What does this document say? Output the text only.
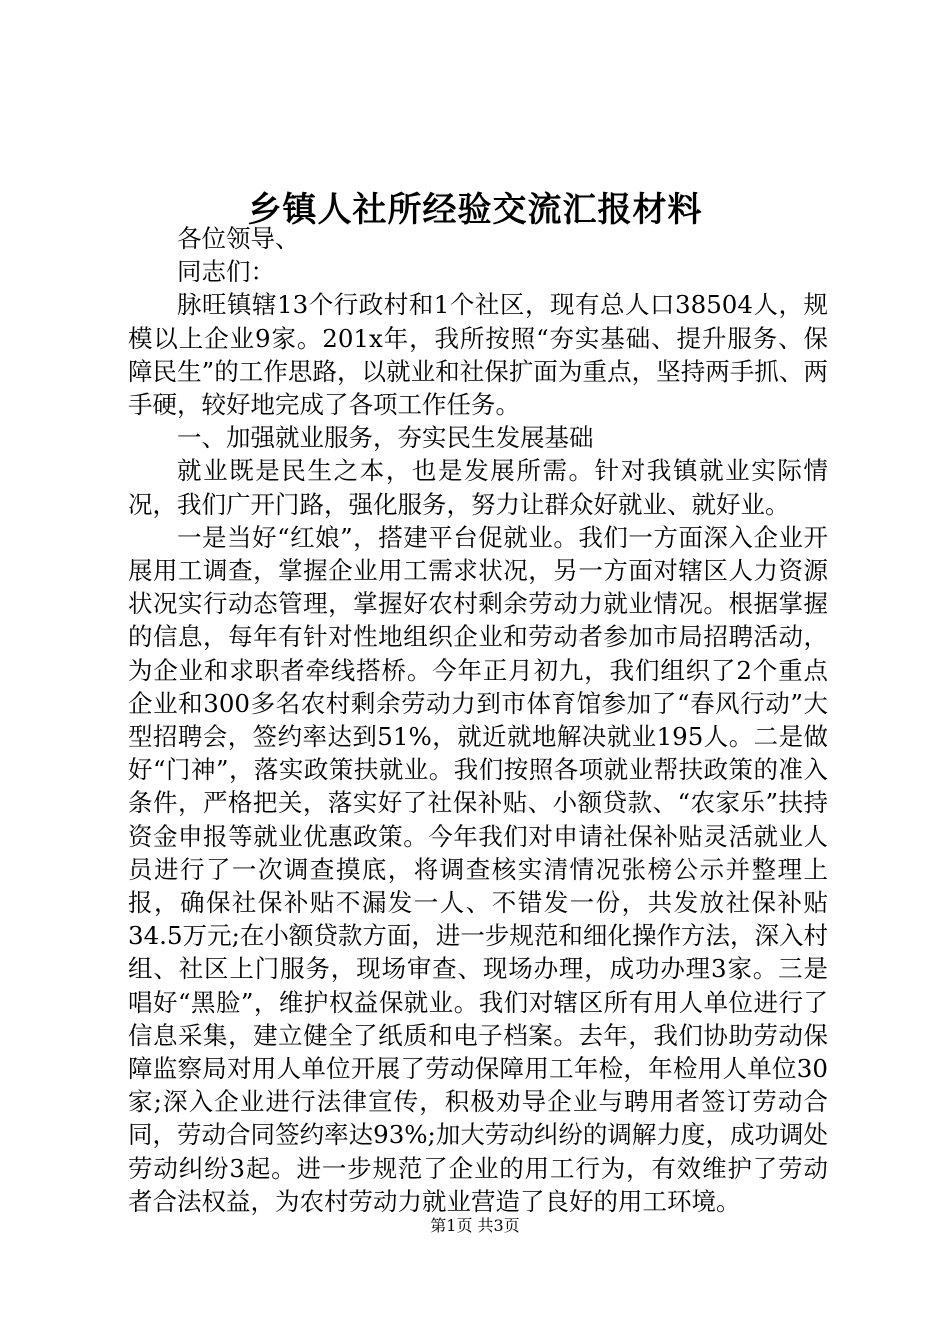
乡镇人社所经验交流汇报材料

各位领导、

同志们：

脉旺镇辖13个行政村和1个社区，现有总人口38504人，规模以上企业9家。201x年，我所按照“夯实基础、提升服务、保障民生”的工作思路，以就业和社保扩面为重点，坚持两手抓、两手硬，较好地完成了各项工作任务。

一、加强就业服务，夯实民生发展基础

就业既是民生之本，也是发展所需。针对我镇就业实际情况，我们广开门路，强化服务，努力让群众好就业、就好业。

一是当好“红娘”，搭建平台促就业。我们一方面深入企业开展用工调查，掌握企业用工需求状况，另一方面对辖区人力资源状况实行动态管理，掌握好农村剩余劳动力就业情况。根据掌握的信息，每年有针对性地组织企业和劳动者参加市局招聘活动，为企业和求职者牵线搭桥。今年正月初九，我们组织了2个重点企业和300多名农村剩余劳动力到市体育馆参加了“春风行动”大型招聘会，签约率达到51%，就近就地解决就业195人。二是做好“门神”，落实政策扶就业。我们按照各项就业帮扶政策的准入条件，严格把关，落实好了社保补贴、小额贷款、“农家乐”扶持资金申报等就业优惠政策。今年我们对申请社保补贴灵活就业人员进行了一次调查摸底，将调查核实清情况张榜公示并整理上报，确保社保补贴不漏发一人、不错发一份，共发放社保补贴34.5万元;在小额贷款方面，进一步规范和细化操作方法，深入村组、社区上门服务，现场审查、现场办理，成功办理3家。三是唱好“黑脸”，维护权益保就业。我们对辖区所有用人单位进行了信息采集，建立健全了纸质和电子档案。去年，我们协助劳动保障监察局对用人单位开展了劳动保障用工年检，年检用人单位30家;深入企业进行法律宣传，积极劝导企业与聘用者签订劳动合同，劳动合同签约率达93%;加大劳动纠纷的调解力度，成功调处劳动纠纷3起。进一步规范了企业的用工行为，有效维护了劳动者合法权益，为农村劳动力就业营造了良好的用工环境。

第1页 共3页
